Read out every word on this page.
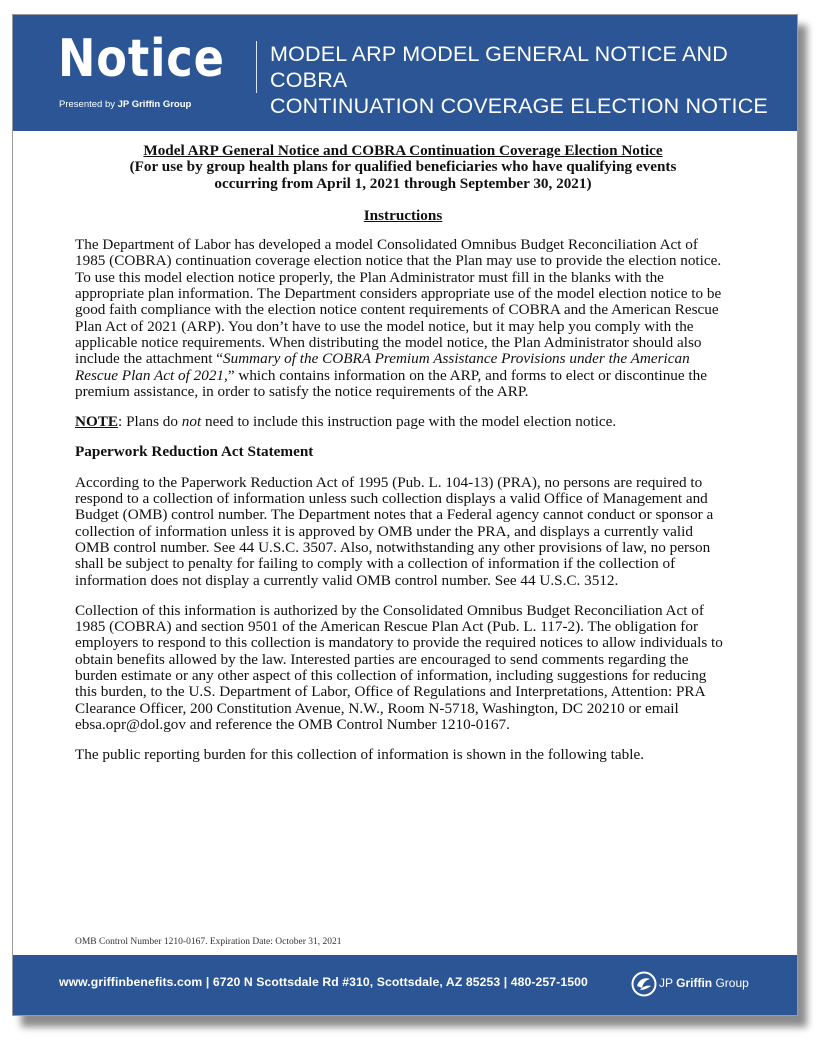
Notice MODEL ARP MODEL GENERAL NOTICE AND COBRA
CONTINUATION COVERAGE ELECTION NOTICE
Presented by JP Griffin Group
Model ARP General Notice and COBRA Continuation Coverage Election Notice
(For use by group health plans for qualified beneficiaries who have qualifying events
occurring from April 1, 2021 through September 30, 2021)
Instructions

The Department of Labor has developed a model Consolidated Omnibus Budget Reconciliation Act of 1985 (COBRA) continuation coverage election notice that the Plan may use to provide the election notice. To use this model election notice properly, the Plan Administrator must fill in the blanks with the appropriate plan information. The Department considers appropriate use of the model election notice to be good faith compliance with the election notice content requirements of COBRA and the American Rescue Plan Act of 2021 (ARP). You don’t have to use the model notice, but it may help you comply with the applicable notice requirements. When distributing the model notice, the Plan Administrator should also include the attachment “Summary of the COBRA Premium Assistance Provisions under the American Rescue Plan Act of 2021,” which contains information on the ARP, and forms to elect or discontinue the premium assistance, in order to satisfy the notice requirements of the ARP.

NOTE: Plans do not need to include this instruction page with the model election notice.

Paperwork Reduction Act Statement

According to the Paperwork Reduction Act of 1995 (Pub. L. 104-13) (PRA), no persons are required to respond to a collection of information unless such collection displays a valid Office of Management and Budget (OMB) control number. The Department notes that a Federal agency cannot conduct or sponsor a collection of information unless it is approved by OMB under the PRA, and displays a currently valid OMB control number. See 44 U.S.C. 3507. Also, notwithstanding any other provisions of law, no person shall be subject to penalty for failing to comply with a collection of information if the collection of information does not display a currently valid OMB control number. See 44 U.S.C. 3512.

Collection of this information is authorized by the Consolidated Omnibus Budget Reconciliation Act of 1985 (COBRA) and section 9501 of the American Rescue Plan Act (Pub. L. 117-2). The obligation for employers to respond to this collection is mandatory to provide the required notices to allow individuals to obtain benefits allowed by the law. Interested parties are encouraged to send comments regarding the burden estimate or any other aspect of this collection of information, including suggestions for reducing this burden, to the U.S. Department of Labor, Office of Regulations and Interpretations, Attention: PRA Clearance Officer, 200 Constitution Avenue, N.W., Room N-5718, Washington, DC 20210 or email ebsa.opr@dol.gov and reference the OMB Control Number 1210-0167.

The public reporting burden for this collection of information is shown in the following table.

OMB Control Number 1210-0167. Expiration Date: October 31, 2021
www.griffinbenefits.com | 6720 N Scottsdale Rd #310, Scottsdale, AZ 85253 | 480-257-1500	JP Griffin Group
